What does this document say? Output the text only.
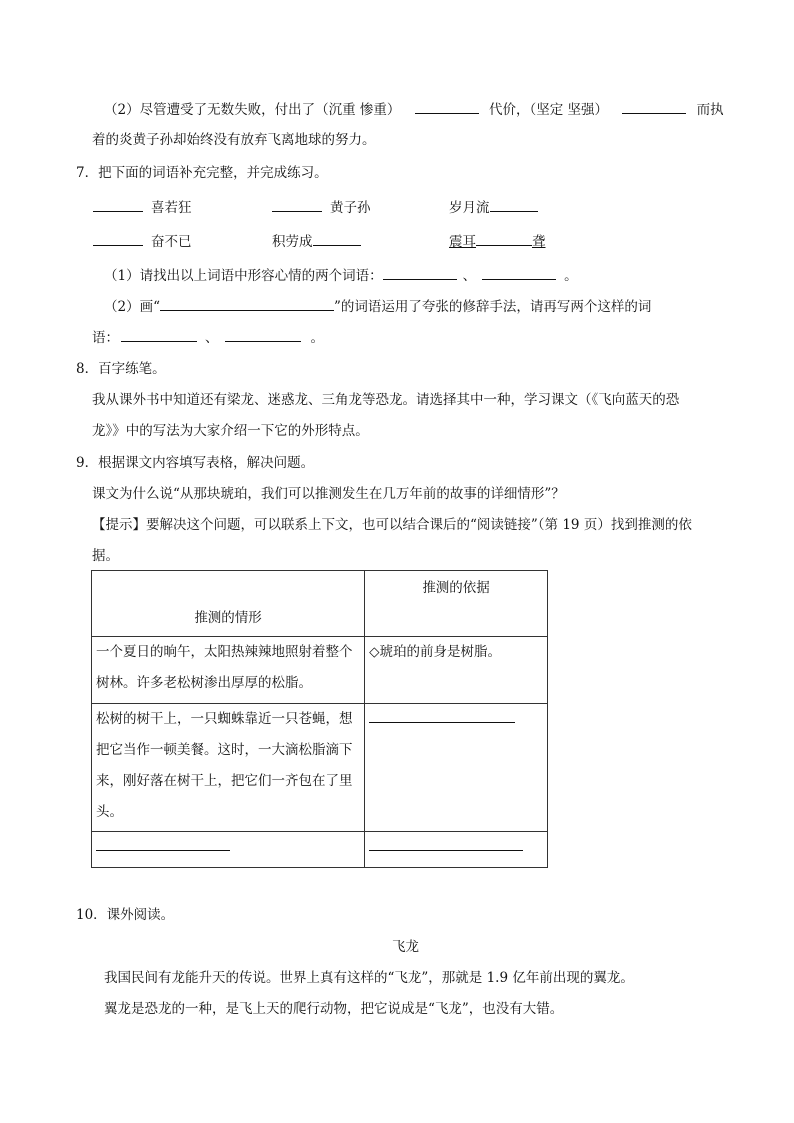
（2）尽管遭受了无数失败，付出了（沉重 惨重）	代价，（坚定 坚强）	而执
着的炎黄子孙却始终没有放弃飞离地球的努力。
7．把下面的词语补充完整，并完成练习。
喜若狂	黄子孙	岁月流
奋不已	积劳成	震耳	聋
（1）请找出以上词语中形容心情的两个词语：	、	。
（2）画“	”的词语运用了夸张的修辞手法，请再写两个这样的词
语：	、	。
8．百字练笔。
我从课外书中知道还有梁龙、迷惑龙、三角龙等恐龙。请选择其中一种，学习课文（《飞向蓝天的恐
龙》》中的写法为大家介绍一下它的外形特点。
9．根据课文内容填写表格，解决问题。
课文为什么说“从那块琥珀，我们可以推测发生在几万年前的故事的详细情形”？
【提示】要解决这个问题，可以联系上下文，也可以结合课后的“阅读链接”（第 19 页）找到推测的依
据。
推测的情形	推测的依据

一个夏日的晌午，太阳热辣辣地照射着整个
树林。许多老松树渗出厚厚的松脂。	◇琥珀的前身是树脂。

松树的树干上，一只蜘蛛靠近一只苍蝇，想
把它当作一顿美餐。这时，一大滴松脂滴下
来，刚好落在树干上，把它们一齐包在了里
头。	

10．课外阅读。
飞龙
我国民间有龙能升天的传说。世界上真有这样的“飞龙”，那就是 1.9 亿年前出现的翼龙。
翼龙是恐龙的一种，是飞上天的爬行动物，把它说成是“飞龙”，也没有大错。
